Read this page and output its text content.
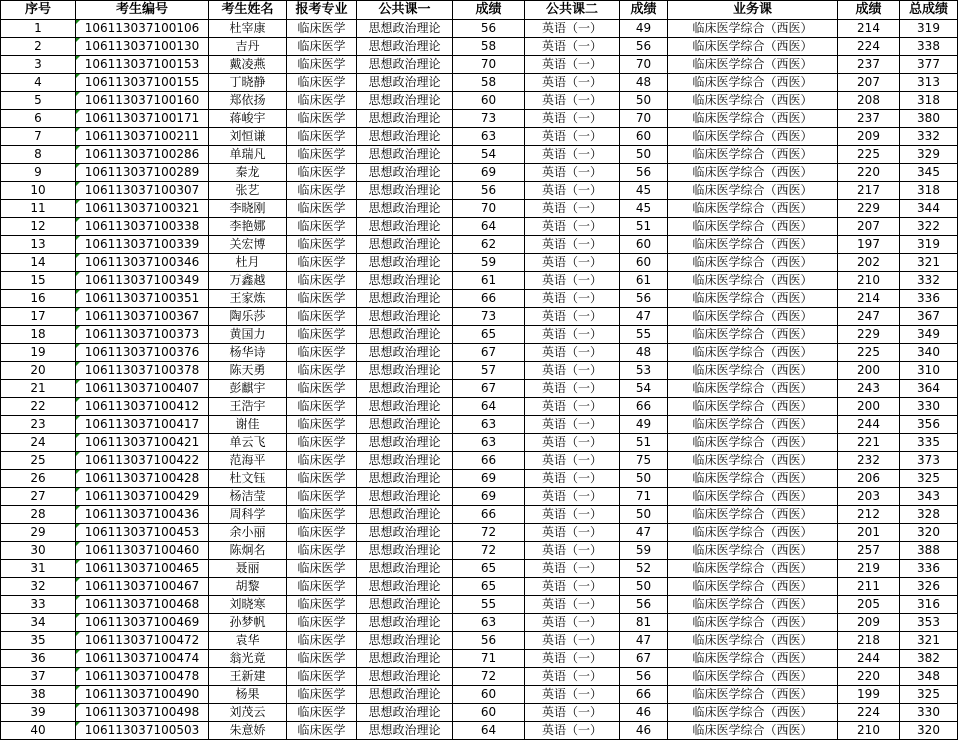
序号	考生编号	考生姓名	报考专业	公共课一	成绩	公共课二	成绩	业务课	成绩	总成绩
1	106113037100106	杜宰康	临床医学	思想政治理论	56	英语（一）	49	临床医学综合（西医）	214	319
2	106113037100130	吉丹	临床医学	思想政治理论	58	英语（一）	56	临床医学综合（西医）	224	338
3	106113037100153	戴凌燕	临床医学	思想政治理论	70	英语（一）	70	临床医学综合（西医）	237	377
4	106113037100155	丁晓静	临床医学	思想政治理论	58	英语（一）	48	临床医学综合（西医）	207	313
5	106113037100160	郑依扬	临床医学	思想政治理论	60	英语（一）	50	临床医学综合（西医）	208	318
6	106113037100171	蒋峻宇	临床医学	思想政治理论	73	英语（一）	70	临床医学综合（西医）	237	380
7	106113037100211	刘恒谦	临床医学	思想政治理论	63	英语（一）	60	临床医学综合（西医）	209	332
8	106113037100286	单瑞凡	临床医学	思想政治理论	54	英语（一）	50	临床医学综合（西医）	225	329
9	106113037100289	秦龙	临床医学	思想政治理论	69	英语（一）	56	临床医学综合（西医）	220	345
10	106113037100307	张艺	临床医学	思想政治理论	56	英语（一）	45	临床医学综合（西医）	217	318
11	106113037100321	李晓刚	临床医学	思想政治理论	70	英语（一）	45	临床医学综合（西医）	229	344
12	106113037100338	李艳娜	临床医学	思想政治理论	64	英语（一）	51	临床医学综合（西医）	207	322
13	106113037100339	关宏博	临床医学	思想政治理论	62	英语（一）	60	临床医学综合（西医）	197	319
14	106113037100346	杜月	临床医学	思想政治理论	59	英语（一）	60	临床医学综合（西医）	202	321
15	106113037100349	万鑫越	临床医学	思想政治理论	61	英语（一）	61	临床医学综合（西医）	210	332
16	106113037100351	王家炼	临床医学	思想政治理论	66	英语（一）	56	临床医学综合（西医）	214	336
17	106113037100367	陶乐莎	临床医学	思想政治理论	73	英语（一）	47	临床医学综合（西医）	247	367
18	106113037100373	黄国力	临床医学	思想政治理论	65	英语（一）	55	临床医学综合（西医）	229	349
19	106113037100376	杨华诗	临床医学	思想政治理论	67	英语（一）	48	临床医学综合（西医）	225	340
20	106113037100378	陈天勇	临床医学	思想政治理论	57	英语（一）	53	临床医学综合（西医）	200	310
21	106113037100407	彭麒宇	临床医学	思想政治理论	67	英语（一）	54	临床医学综合（西医）	243	364
22	106113037100412	王浩宇	临床医学	思想政治理论	64	英语（一）	66	临床医学综合（西医）	200	330
23	106113037100417	谢佳	临床医学	思想政治理论	63	英语（一）	49	临床医学综合（西医）	244	356
24	106113037100421	单云飞	临床医学	思想政治理论	63	英语（一）	51	临床医学综合（西医）	221	335
25	106113037100422	范海平	临床医学	思想政治理论	66	英语（一）	75	临床医学综合（西医）	232	373
26	106113037100428	杜文钰	临床医学	思想政治理论	69	英语（一）	50	临床医学综合（西医）	206	325
27	106113037100429	杨洁莹	临床医学	思想政治理论	69	英语（一）	71	临床医学综合（西医）	203	343
28	106113037100436	周科学	临床医学	思想政治理论	66	英语（一）	50	临床医学综合（西医）	212	328
29	106113037100453	余小丽	临床医学	思想政治理论	72	英语（一）	47	临床医学综合（西医）	201	320
30	106113037100460	陈炯名	临床医学	思想政治理论	72	英语（一）	59	临床医学综合（西医）	257	388
31	106113037100465	聂丽	临床医学	思想政治理论	65	英语（一）	52	临床医学综合（西医）	219	336
32	106113037100467	胡黎	临床医学	思想政治理论	65	英语（一）	50	临床医学综合（西医）	211	326
33	106113037100468	刘晓寒	临床医学	思想政治理论	55	英语（一）	56	临床医学综合（西医）	205	316
34	106113037100469	孙梦帆	临床医学	思想政治理论	63	英语（一）	81	临床医学综合（西医）	209	353
35	106113037100472	袁华	临床医学	思想政治理论	56	英语（一）	47	临床医学综合（西医）	218	321
36	106113037100474	翁光竟	临床医学	思想政治理论	71	英语（一）	67	临床医学综合（西医）	244	382
37	106113037100478	王新建	临床医学	思想政治理论	72	英语（一）	56	临床医学综合（西医）	220	348
38	106113037100490	杨果	临床医学	思想政治理论	60	英语（一）	66	临床医学综合（西医）	199	325
39	106113037100498	刘茂云	临床医学	思想政治理论	60	英语（一）	46	临床医学综合（西医）	224	330
40	106113037100503	朱意娇	临床医学	思想政治理论	64	英语（一）	46	临床医学综合（西医）	210	320
